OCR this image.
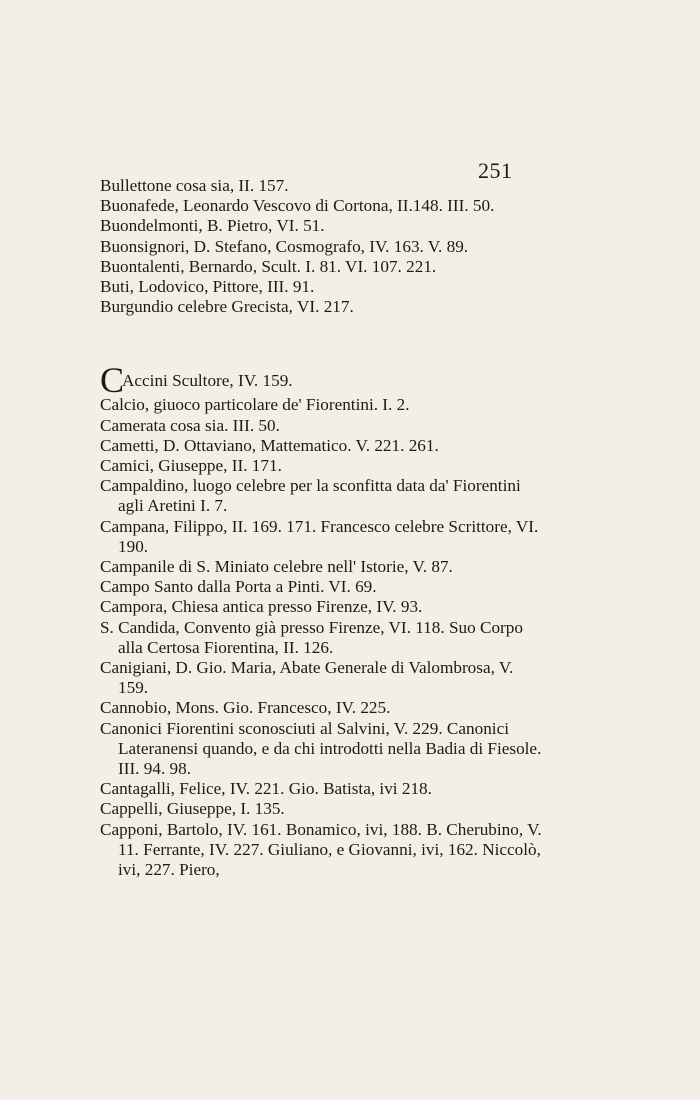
251
Bullettone cosa sia, II. 157.
Buonafede, Leonardo Vescovo di Cortona, II.148. III. 50.
Buondelmonti, B. Pietro, VI. 51.
Buonsignori, D. Stefano, Cosmografo, IV. 163. V. 89.
Buontalenti, Bernardo, Scult. I. 81. VI. 107. 221.
Buti, Lodovico, Pittore, III. 91.
Burgundio celebre Grecista, VI. 217.
CAccini Scultore, IV. 159.
Calcio, giuoco particolare de' Fiorentini. I. 2.
Camerata cosa sia. III. 50.
Cametti, D. Ottaviano, Mattematico. V. 221. 261.
Camici, Giuseppe, II. 171.
Campaldino, luogo celebre per la sconfitta data da' Fiorentini agli Aretini I. 7.
Campana, Filippo, II. 169. 171. Francesco celebre Scrittore, VI. 190.
Campanile di S. Miniato celebre nell' Istorie, V. 87.
Campo Santo dalla Porta a Pinti. VI. 69.
Campora, Chiesa antica presso Firenze, IV. 93.
S. Candida, Convento già presso Firenze, VI. 118. Suo Corpo alla Certosa Fiorentina, II. 126.
Canigiani, D. Gio. Maria, Abate Generale di Valombrosa, V. 159.
Cannobio, Mons. Gio. Francesco, IV. 225.
Canonici Fiorentini sconosciuti al Salvini, V. 229. Canonici Lateranensi quando, e da chi introdotti nella Badia di Fiesole. III. 94. 98.
Cantagalli, Felice, IV. 221. Gio. Batista, ivi 218.
Cappelli, Giuseppe, I. 135.
Capponi, Bartolo, IV. 161. Bonamico, ivi, 188. B. Cherubino, V. 11. Ferrante, IV. 227. Giuliano, e Giovanni, ivi, 162. Niccolò, ivi, 227. Piero,
